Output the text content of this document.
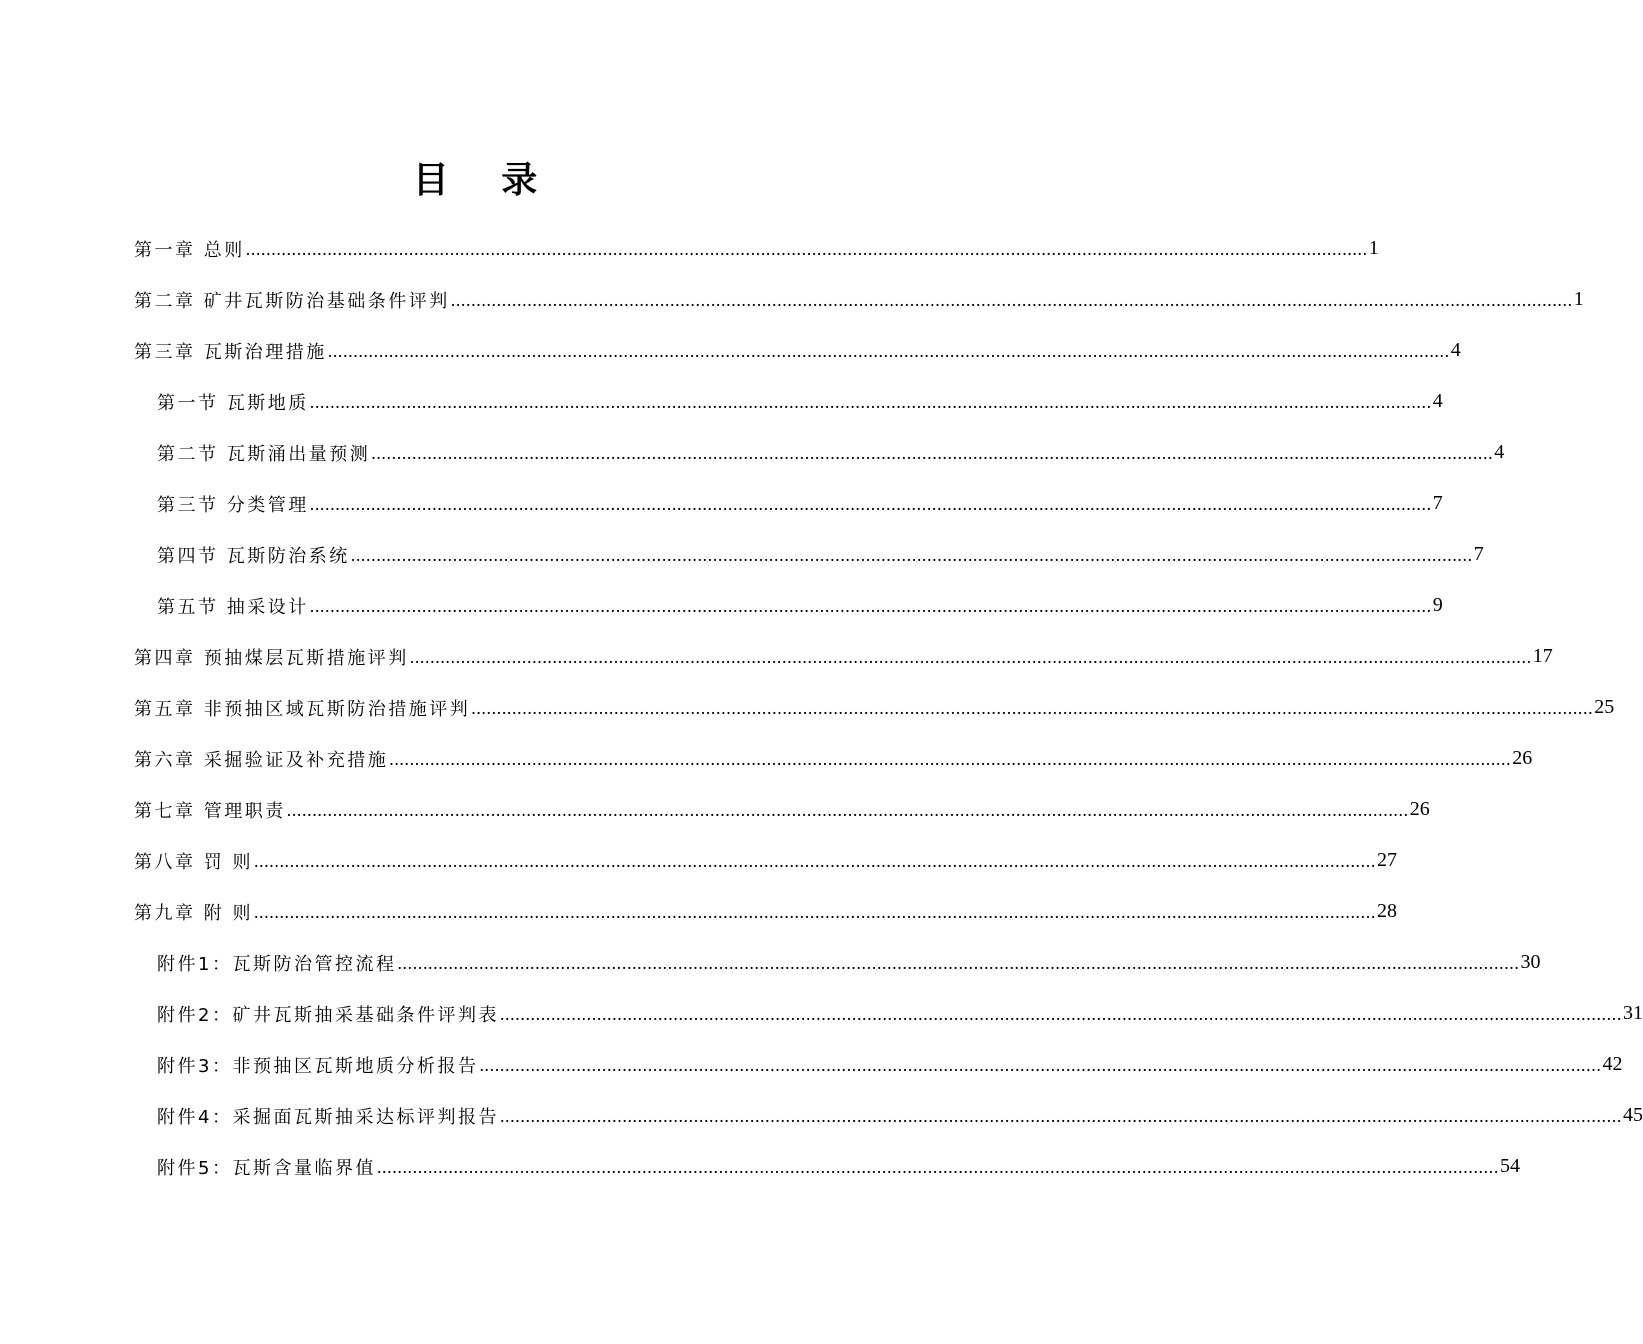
目 录
第一章 总则 ............................................................................................................................................................................................................................ 1
第二章 矿井瓦斯防治基础条件评判 ............................................................................................................................................................................................................................ 1
第三章 瓦斯治理措施 ............................................................................................................................................................................................................................ 4
第一节 瓦斯地质 ............................................................................................................................................................................................................................ 4
第二节 瓦斯涌出量预测 ............................................................................................................................................................................................................................ 4
第三节 分类管理 ............................................................................................................................................................................................................................ 7
第四节 瓦斯防治系统 ............................................................................................................................................................................................................................ 7
第五节 抽采设计 ............................................................................................................................................................................................................................ 9
第四章 预抽煤层瓦斯措施评判 ............................................................................................................................................................................................................................ 17
第五章 非预抽区域瓦斯防治措施评判 ............................................................................................................................................................................................................................ 25
第六章 采掘验证及补充措施 ............................................................................................................................................................................................................................ 26
第七章 管理职责 ............................................................................................................................................................................................................................ 26
第八章 罚 则 ............................................................................................................................................................................................................................ 27
第九章 附 则 ............................................................................................................................................................................................................................ 28
附件1：瓦斯防治管控流程 ............................................................................................................................................................................................................................ 30
附件2：矿井瓦斯抽采基础条件评判表 ............................................................................................................................................................................................................................ 31
附件3：非预抽区瓦斯地质分析报告 ............................................................................................................................................................................................................................ 42
附件4：采掘面瓦斯抽采达标评判报告 ............................................................................................................................................................................................................................ 45
附件5：瓦斯含量临界值 ............................................................................................................................................................................................................................ 54
